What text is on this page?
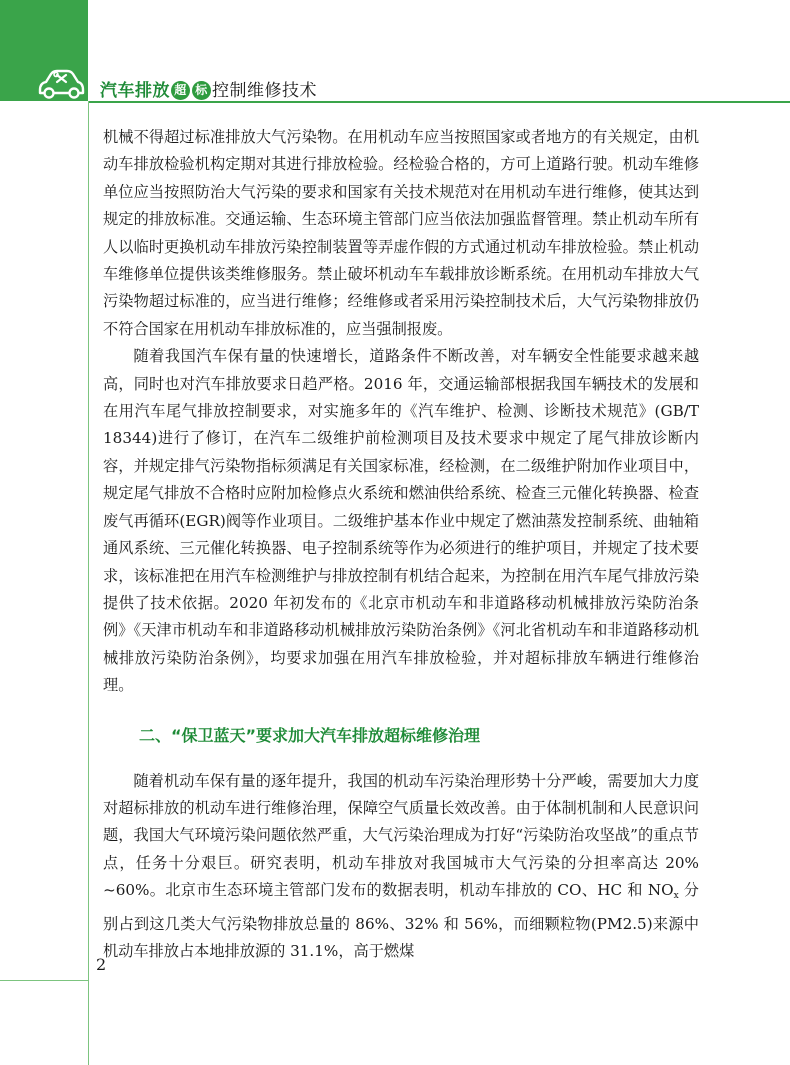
汽车排放 超 标 控制维修技术
2

机械不得超过标准排放大气污染物。在用机动车应当按照国家或者地方的有关规定，由机动车排放检验机构定期对其进行排放检验。经检验合格的，方可上道路行驶。机动车维修单位应当按照防治大气污染的要求和国家有关技术规范对在用机动车进行维修，使其达到规定的排放标准。交通运输、生态环境主管部门应当依法加强监督管理。禁止机动车所有人以临时更换机动车排放污染控制装置等弄虚作假的方式通过机动车排放检验。禁止机动车维修单位提供该类维修服务。禁止破坏机动车车载排放诊断系统。在用机动车排放大气污染物超过标准的，应当进行维修；经维修或者采用污染控制技术后，大气污染物排放仍不符合国家在用机动车排放标准的，应当强制报废。

随着我国汽车保有量的快速增长，道路条件不断改善，对车辆安全性能要求越来越高，同时也对汽车排放要求日趋严格。2016 年，交通运输部根据我国车辆技术的发展和在用汽车尾气排放控制要求，对实施多年的《汽车维护、检测、诊断技术规范》(GB/T 18344)进行了修订，在汽车二级维护前检测项目及技术要求中规定了尾气排放诊断内容，并规定排气污染物指标须满足有关国家标准，经检测，在二级维护附加作业项目中，规定尾气排放不合格时应附加检修点火系统和燃油供给系统、检查三元催化转换器、检查废气再循环(EGR)阀等作业项目。二级维护基本作业中规定了燃油蒸发控制系统、曲轴箱通风系统、三元催化转换器、电子控制系统等作为必须进行的维护项目，并规定了技术要求，该标准把在用汽车检测维护与排放控制有机结合起来，为控制在用汽车尾气排放污染提供了技术依据。2020 年初发布的《北京市机动车和非道路移动机械排放污染防治条例》《天津市机动车和非道路移动机械排放污染防治条例》《河北省机动车和非道路移动机械排放污染防治条例》，均要求加强在用汽车排放检验，并对超标排放车辆进行维修治理。

二、“保卫蓝天”要求加大汽车排放超标维修治理

随着机动车保有量的逐年提升，我国的机动车污染治理形势十分严峻，需要加大力度对超标排放的机动车进行维修治理，保障空气质量长效改善。由于体制机制和人民意识问题，我国大气环境污染问题依然严重，大气污染治理成为打好“污染防治攻坚战”的重点节点，任务十分艰巨。研究表明，机动车排放对我国城市大气污染的分担率高达 20% ~60%。北京市生态环境主管部门发布的数据表明，机动车排放的 CO、HC 和 $NO_x$ 分别占到这几类大气污染物排放总量的 86%、32% 和 56%，而细颗粒物(PM2.5)来源中机动车排放占本地排放源的 31.1%，高于燃煤
